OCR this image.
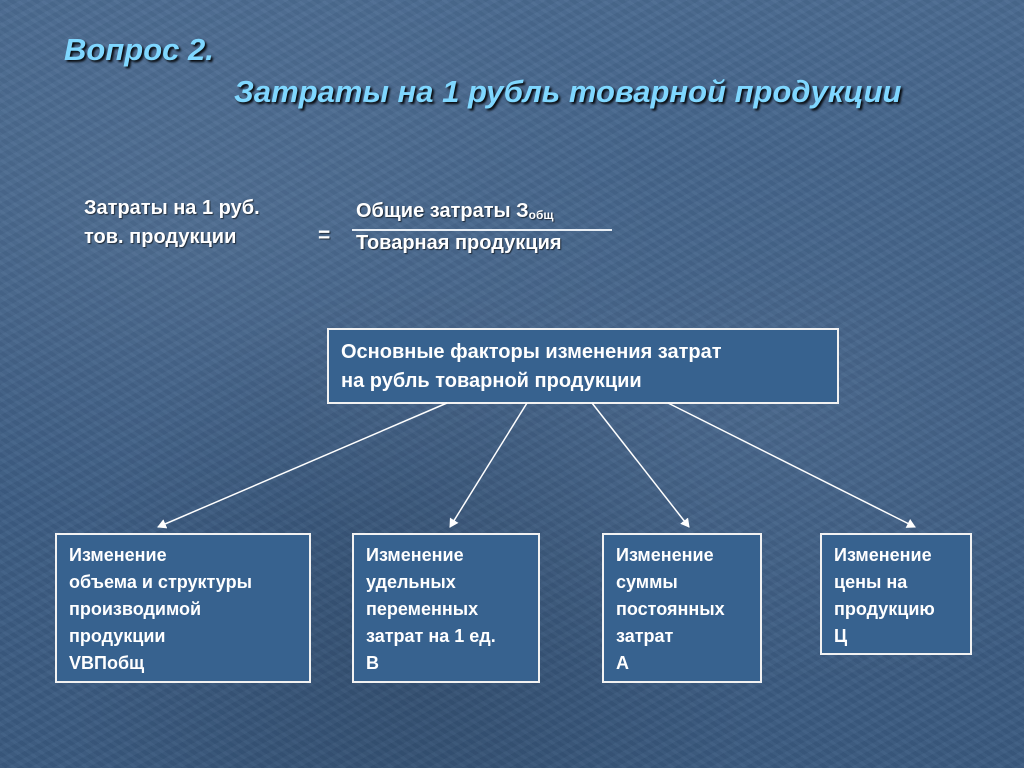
Вопрос 2.
Затраты на 1 рубль товарной продукции
Затраты на 1 руб.
тов. продукции	=
Общие затраты $З_{общ}$
Товарная продукция
Основные факторы изменения затрат
на рубль товарной продукции
Изменение
объема и структуры
производимой
продукции
VBПобщ
Изменение
удельных
переменных
затрат на 1 ед.
В
Изменение
суммы
постоянных
затрат
А
Изменение
цены на
продукцию
Ц
